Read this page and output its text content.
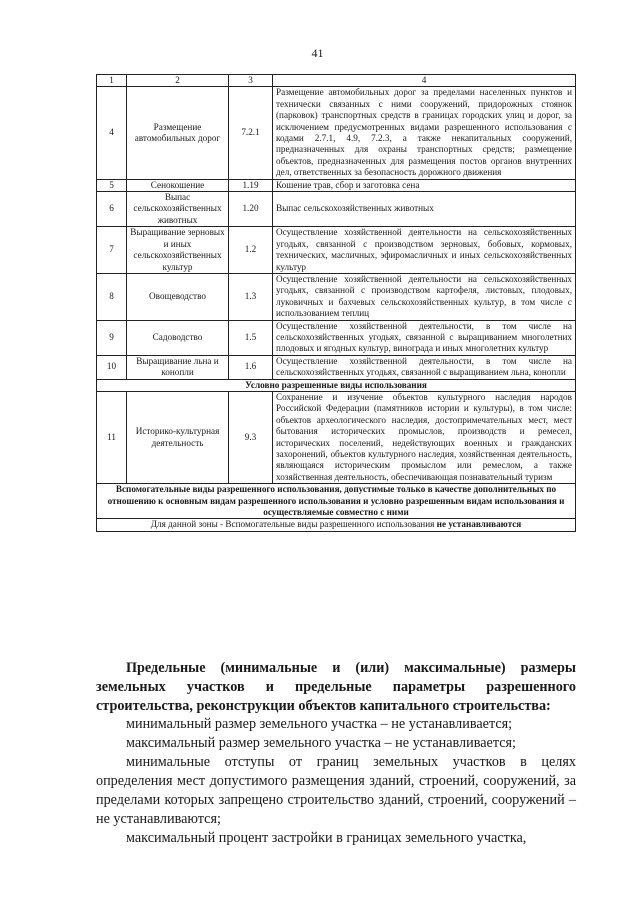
41
1	2	3	4
4	Размещение автомобильных дорог	7.2.1	Размещение автомобильных дорог за пределами населенных пунктов и технически связанных с ними сооружений, придорожных стоянок (парковок) транспортных средств в границах городских улиц и дорог, за исключением предусмотренных видами разрешенного использования с кодами 2.7.1, 4.9, 7.2.3, а также некапитальных сооружений, предназначенных для охраны транспортных средств; размещение объектов, предназначенных для размещения постов органов внутренних дел, ответственных за безопасность дорожного движения
5	Сенокошение	1.19	Кошение трав, сбор и заготовка сена
6	Выпас сельскохозяйственных животных	1.20	Выпас сельскохозяйственных животных
7	Выращивание зерновых и иных сельскохозяйственных культур	1.2	Осуществление хозяйственной деятельности на сельскохозяйственных угодьях, связанной с производством зерновых, бобовых, кормовых, технических, масличных, эфиромасличных и иных сельскохозяйственных культур
8	Овощеводство	1.3	Осуществление хозяйственной деятельности на сельскохозяйственных угодьях, связанной с производством картофеля, листовых, плодовых, луковичных и бахчевых сельскохозяйственных культур, в том числе с использованием теплиц
9	Садоводство	1.5	Осуществление хозяйственной деятельности, в том числе на сельскохозяйственных угодьях, связанной с выращиванием многолетних плодовых и ягодных культур, винограда и иных многолетних культур
10	Выращивание льна и конопли	1.6	Осуществление хозяйственной деятельности, в том числе на сельскохозяйственных угодьях, связанной с выращиванием льна, конопли
Условно разрешенные виды использования			
11	Историко-культурная деятельность	9.3	Сохранение и изучение объектов культурного наследия народов Российской Федерации (памятников истории и культуры), в том числе: объектов археологического наследия, достопримечательных мест, мест бытования исторических промыслов, производств и ремесел, исторических поселений, недействующих военных и гражданских захоронений, объектов культурного наследия, хозяйственная деятельность, являющаяся историческим промыслом или ремеслом, а также хозяйственная деятельность, обеспечивающая познавательный туризм
Вспомогательные виды разрешенного использования, допустимые только в качестве дополнительных по отношению к основным видам разрешенного использования и условно разрешенным видам использования и осуществляемые совместно с ними			
Для данной зоны - Вспомогательные виды разрешенного использования не устанавливаются			
Предельные (минимальные и (или) максимальные) размеры земельных участков и предельные параметры разрешенного строительства, реконструкции объектов капитального строительства:

минимальный размер земельного участка – не устанавливается;

максимальный размер земельного участка – не устанавливается;

минимальные отступы от границ земельных участков в целях определения мест допустимого размещения зданий, строений, сооружений, за пределами которых запрещено строительство зданий, строений, сооружений – не устанавливаются;

максимальный процент застройки в границах земельного участка,
